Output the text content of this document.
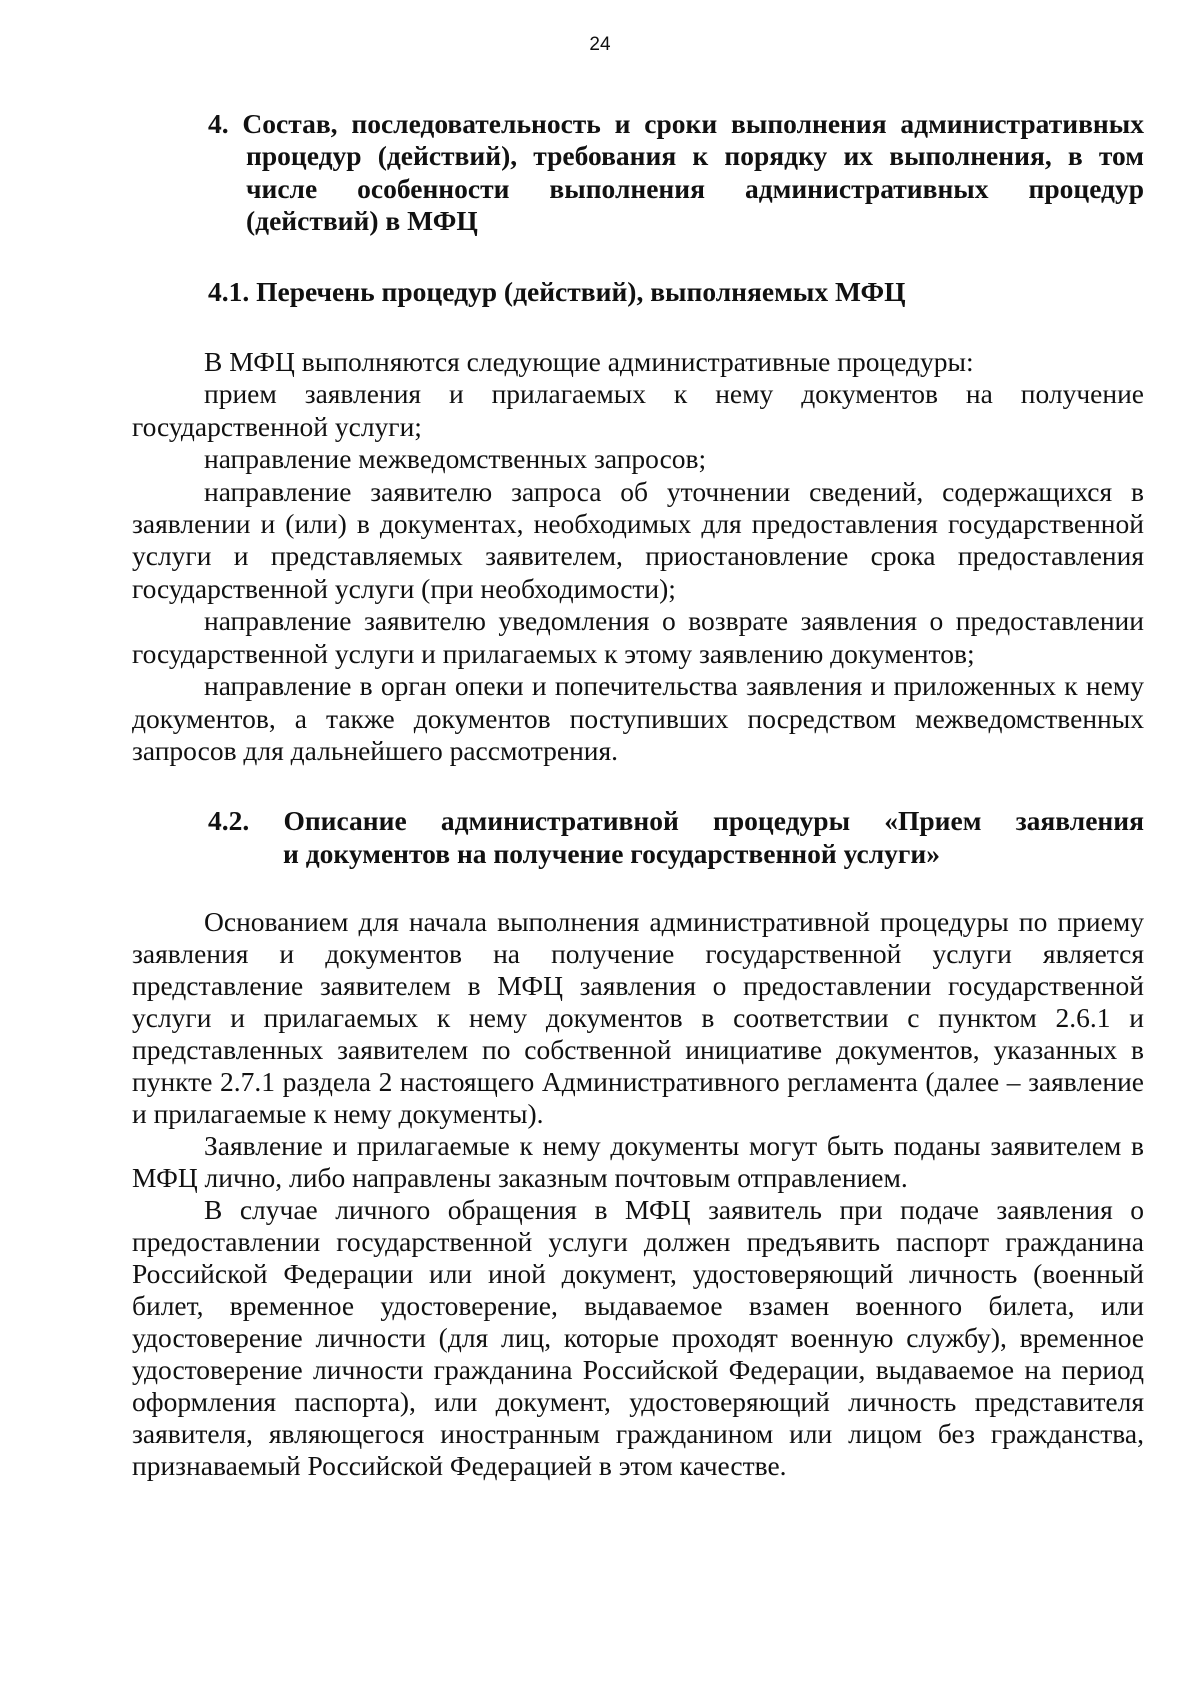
24
4. Состав, последовательность и сроки выполнения административных процедур (действий), требования к порядку их выполнения, в том числе особенности выполнения административных процедур (действий) в МФЦ
4.1. Перечень процедур (действий), выполняемых МФЦ

В МФЦ выполняются следующие административные процедуры:

прием заявления и прилагаемых к нему документов на получение государственной услуги;

направление межведомственных запросов;

направление заявителю запроса об уточнении сведений, содержащихся в заявлении и (или) в документах, необходимых для предоставления государственной услуги и представляемых заявителем, приостановление срока предоставления государственной услуги (при необходимости);

направление заявителю уведомления о возврате заявления о предоставлении государственной услуги и прилагаемых к этому заявлению документов;

направление в орган опеки и попечительства заявления и приложенных к нему документов, а также документов поступивших посредством межведомственных запросов для дальнейшего рассмотрения.

4.2. Описание административной процедуры «Прием заявления
и документов на получение государственной услуги»

Основанием для начала выполнения административной процедуры по приему заявления и документов на получение государственной услуги является представление заявителем в МФЦ заявления о предоставлении государственной услуги и прилагаемых к нему документов в соответствии с пунктом 2.6.1 и представленных заявителем по собственной инициативе документов, указанных в пункте 2.7.1 раздела 2 настоящего Административного регламента (далее – заявление и прилагаемые к нему документы).

Заявление и прилагаемые к нему документы могут быть поданы заявителем в МФЦ лично, либо направлены заказным почтовым отправлением.

В случае личного обращения в МФЦ заявитель при подаче заявления о предоставлении государственной услуги должен предъявить паспорт гражданина Российской Федерации или иной документ, удостоверяющий личность (военный билет, временное удостоверение, выдаваемое взамен военного билета, или удостоверение личности (для лиц, которые проходят военную службу), временное удостоверение личности гражданина Российской Федерации, выдаваемое на период оформления паспорта), или документ, удостоверяющий личность представителя заявителя, являющегося иностранным гражданином или лицом без гражданства, признаваемый Российской Федерацией в этом качестве.
